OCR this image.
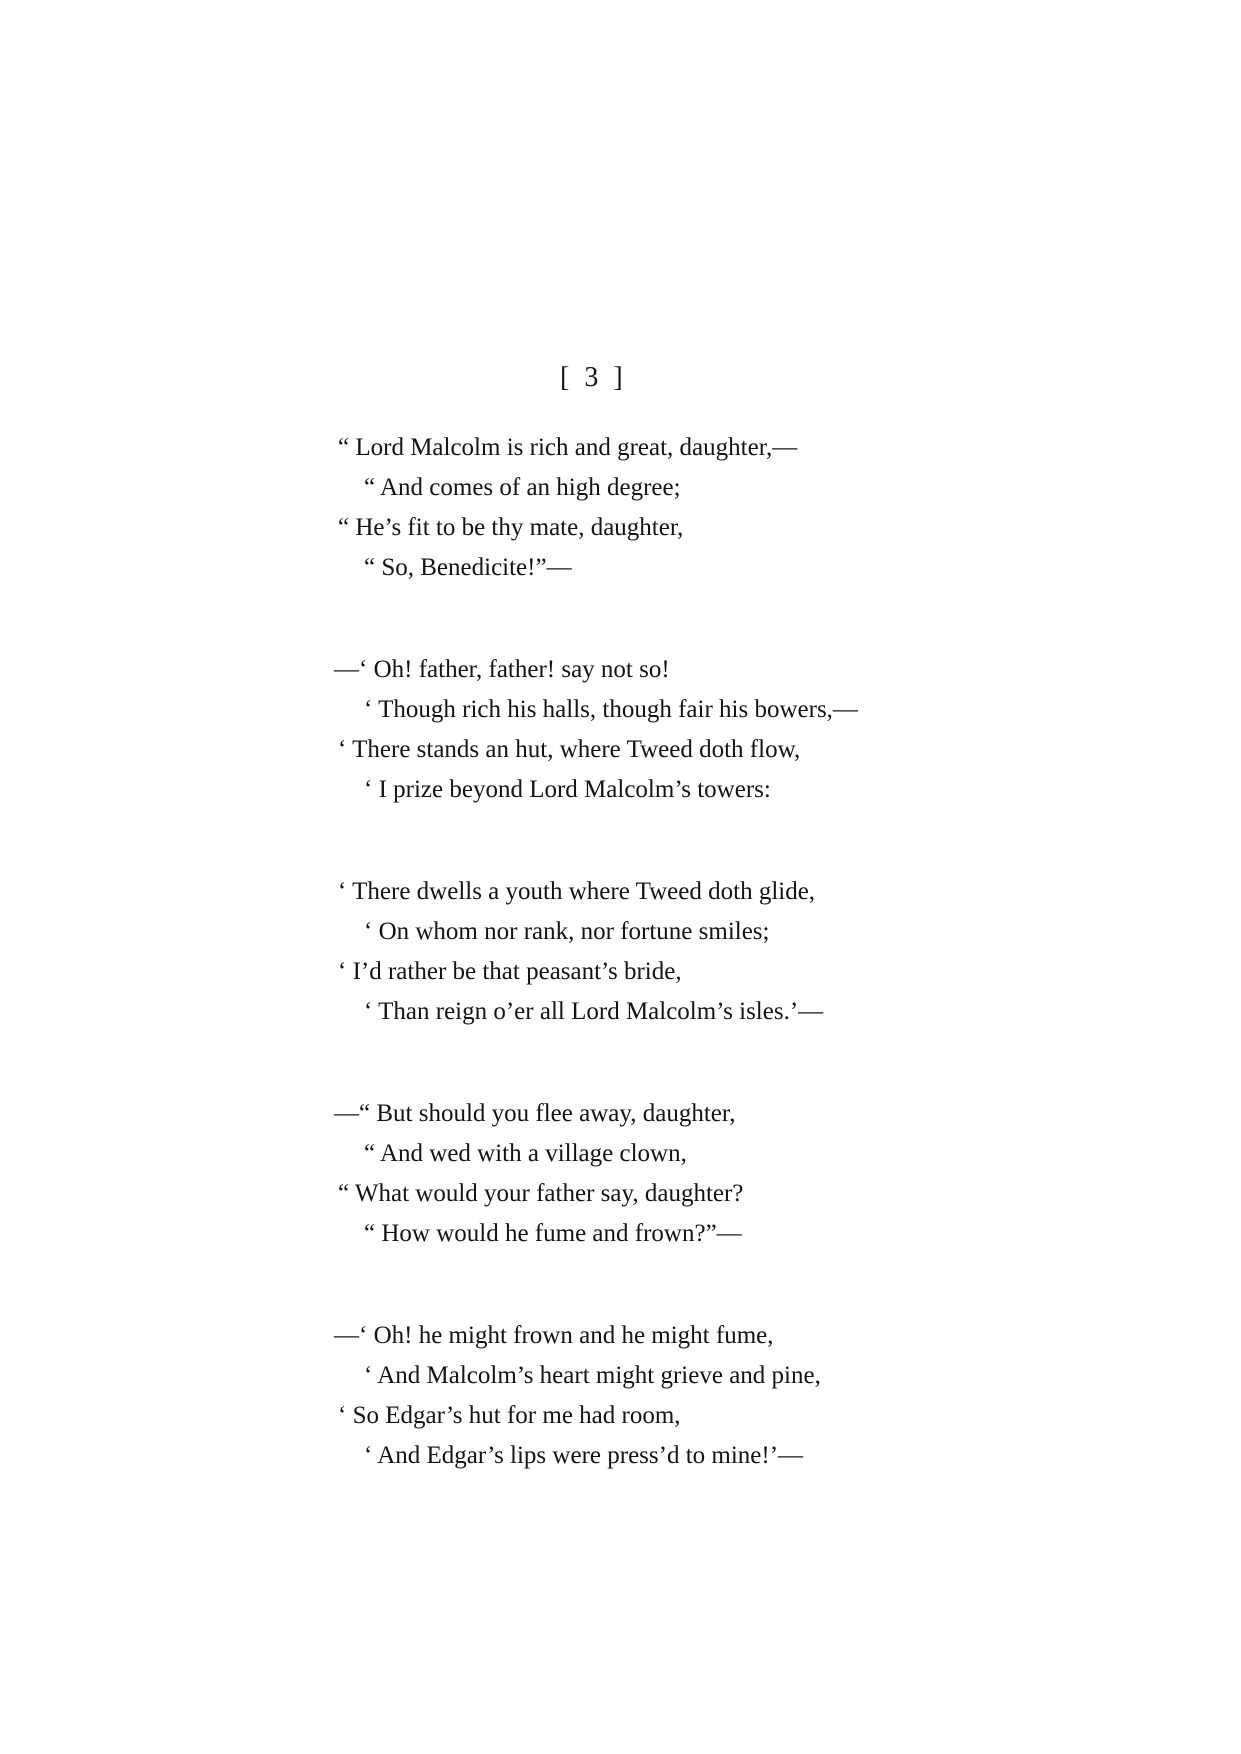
[ 3 ]
“ Lord Malcolm is rich and great, daughter,—
“ And comes of an high degree;
“ He’s fit to be thy mate, daughter,
“ So, Benedicite!”—
—‘ Oh! father, father! say not so!
‘ Though rich his halls, though fair his bowers,—
‘ There stands an hut, where Tweed doth flow,
‘ I prize beyond Lord Malcolm’s towers:
‘ There dwells a youth where Tweed doth glide,
‘ On whom nor rank, nor fortune smiles;
‘ I’d rather be that peasant’s bride,
‘ Than reign o’er all Lord Malcolm’s isles.’—
—“ But should you flee away, daughter,
“ And wed with a village clown,
“ What would your father say, daughter?
“ How would he fume and frown?”—
—‘ Oh! he might frown and he might fume,
‘ And Malcolm’s heart might grieve and pine,
‘ So Edgar’s hut for me had room,
‘ And Edgar’s lips were press’d to mine!’—
